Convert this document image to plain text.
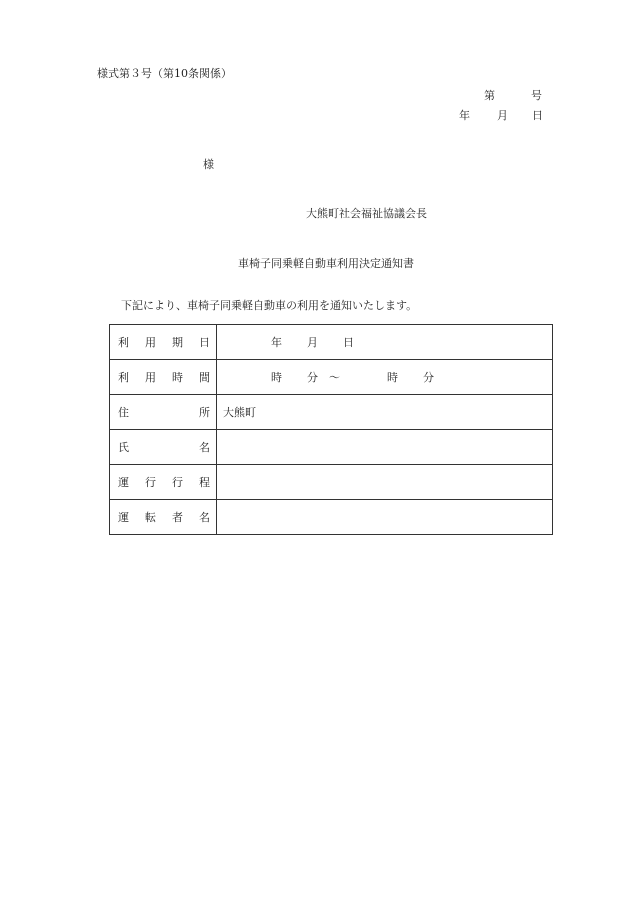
様式第３号（第10条関係）
第	号
年 月 日
様
大熊町社会福祉協議会長
車椅子同乗軽自動車利用決定通知書
下記により、車椅子同乗軽自動車の利用を通知いたします。
利 用 期 日	年 月 日

利 用 時 間	時 分 ～ 時 分

住 所	大熊町

氏 名	

運 行 行 程	

運 転 者 名	
